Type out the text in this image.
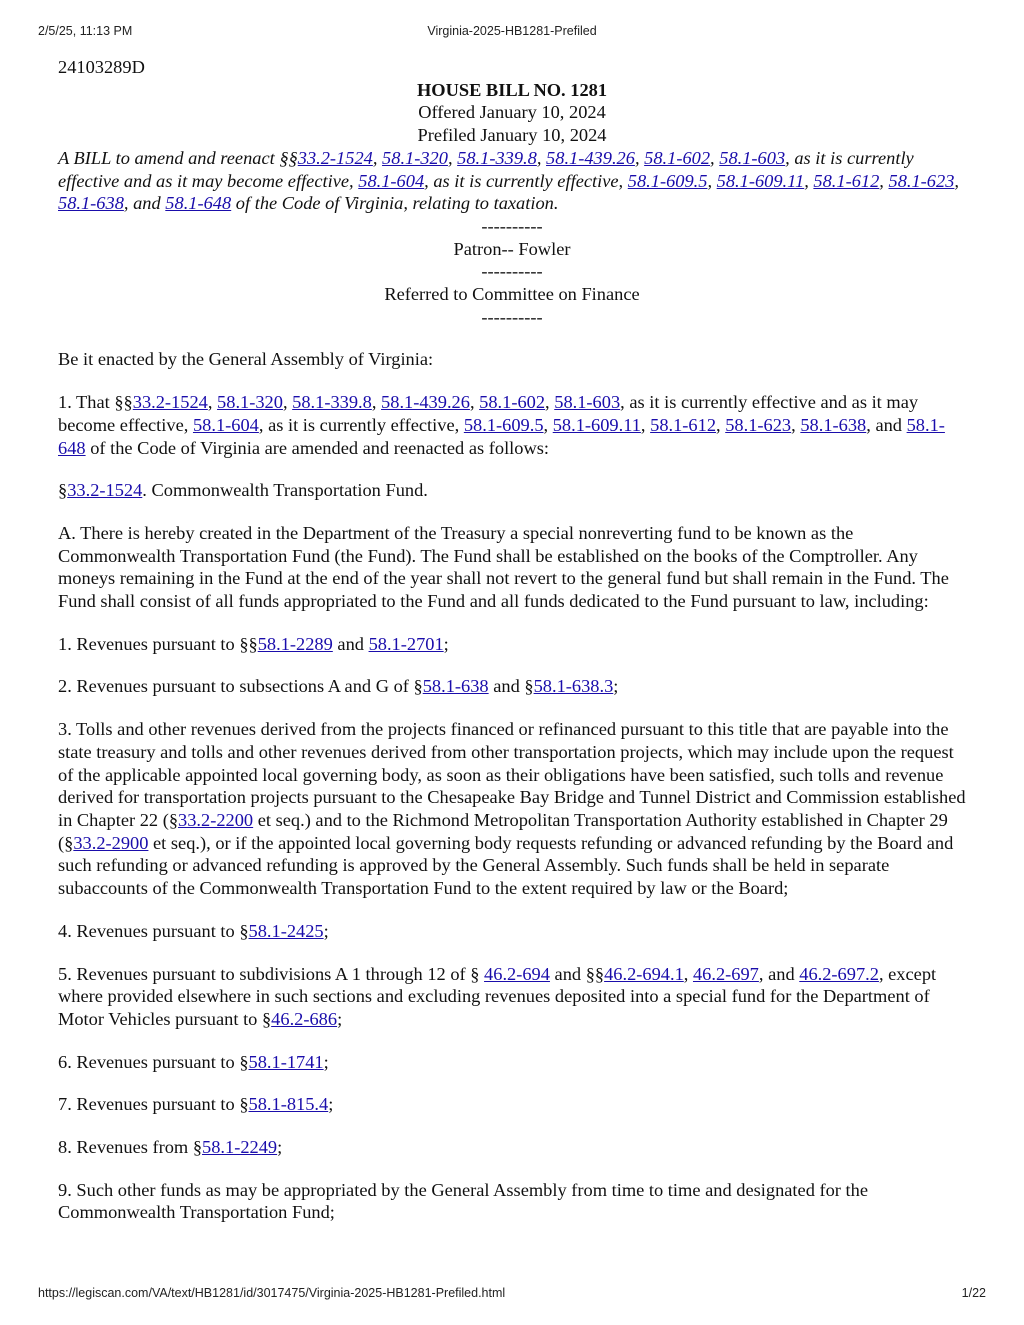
2/5/25, 11:13 PM	Virginia-2025-HB1281-Prefiled

24103289D

HOUSE BILL NO. 1281

Offered January 10, 2024

Prefiled January 10, 2024

A BILL to amend and reenact §§33.2-1524, 58.1-320, 58.1-339.8, 58.1-439.26, 58.1-602, 58.1-603, as it is currently effective and as it may become effective, 58.1-604, as it is currently effective, 58.1-609.5, 58.1-609.11, 58.1-612, 58.1-623, 58.1-638, and 58.1-648 of the Code of Virginia, relating to taxation.

----------

Patron-- Fowler

----------

Referred to Committee on Finance

----------

Be it enacted by the General Assembly of Virginia:

1. That §§33.2-1524, 58.1-320, 58.1-339.8, 58.1-439.26, 58.1-602, 58.1-603, as it is currently effective and as it may become effective, 58.1-604, as it is currently effective, 58.1-609.5, 58.1-609.11, 58.1-612, 58.1-623, 58.1-638, and 58.1-648 of the Code of Virginia are amended and reenacted as follows:

§33.2-1524. Commonwealth Transportation Fund.

A. There is hereby created in the Department of the Treasury a special nonreverting fund to be known as the Commonwealth Transportation Fund (the Fund). The Fund shall be established on the books of the Comptroller. Any moneys remaining in the Fund at the end of the year shall not revert to the general fund but shall remain in the Fund. The Fund shall consist of all funds appropriated to the Fund and all funds dedicated to the Fund pursuant to law, including:

1. Revenues pursuant to §§58.1-2289 and 58.1-2701;

2. Revenues pursuant to subsections A and G of §58.1-638 and §58.1-638.3;

3. Tolls and other revenues derived from the projects financed or refinanced pursuant to this title that are payable into the state treasury and tolls and other revenues derived from other transportation projects, which may include upon the request of the applicable appointed local governing body, as soon as their obligations have been satisfied, such tolls and revenue derived for transportation projects pursuant to the Chesapeake Bay Bridge and Tunnel District and Commission established in Chapter 22 (§33.2-2200 et seq.) and to the Richmond Metropolitan Transportation Authority established in Chapter 29 (§33.2-2900 et seq.), or if the appointed local governing body requests refunding or advanced refunding by the Board and such refunding or advanced refunding is approved by the General Assembly. Such funds shall be held in separate subaccounts of the Commonwealth Transportation Fund to the extent required by law or the Board;

4. Revenues pursuant to §58.1-2425;

5. Revenues pursuant to subdivisions A 1 through 12 of § 46.2-694 and §§46.2-694.1, 46.2-697, and 46.2-697.2, except where provided elsewhere in such sections and excluding revenues deposited into a special fund for the Department of Motor Vehicles pursuant to §46.2-686;

6. Revenues pursuant to §58.1-1741;

7. Revenues pursuant to §58.1-815.4;

8. Revenues from §58.1-2249;

9. Such other funds as may be appropriated by the General Assembly from time to time and designated for the Commonwealth Transportation Fund;

https://legiscan.com/VA/text/HB1281/id/3017475/Virginia-2025-HB1281-Prefiled.html	1/22
